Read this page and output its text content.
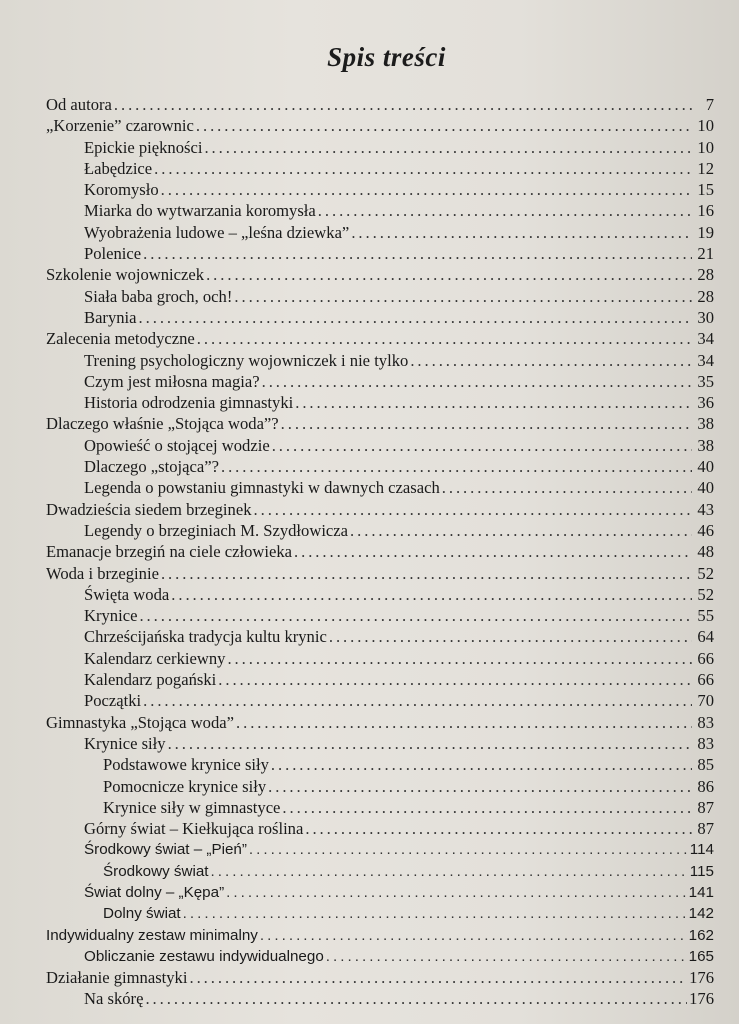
Spis treści
Od autora . . .	7
„Korzenie” czarownic . . .	10
Epickie piękności . . .	10
Łabędzice . . .	12
Koromysło . . .	15
Miarka do wytwarzania koromysła . . .	16
Wyobrażenia ludowe – „leśna dziewka” . . .	19
Polenice . . .	21
Szkolenie wojowniczek . . .	28
Siała baba groch, och! . . .	28
Barynia . . .	30
Zalecenia metodyczne . . .	34
Trening psychologiczny wojowniczek i nie tylko . . .	34
Czym jest miłosna magia? . . .	35
Historia odrodzenia gimnastyki . . .	36
Dlaczego właśnie „Stojąca woda”? . . .	38
Opowieść o stojącej wodzie . . .	38
Dlaczego „stojąca”? . . .	40
Legenda o powstaniu gimnastyki w dawnych czasach . . .	40
Dwadzieścia siedem brzeginek . . .	43
Legendy o brzeginiach M. Szydłowicza . . .	46
Emanacje brzegiń na ciele człowieka . . .	48
Woda i brzeginie . . .	52
Święta woda . . .	52
Krynice . . .	55
Chrześcijańska tradycja kultu krynic . . .	64
Kalendarz cerkiewny . . .	66
Kalendarz pogański . . .	66
Początki . . .	70
Gimnastyka „Stojąca woda” . . .	83
Krynice siły . . .	83
Podstawowe krynice siły . . .	85
Pomocnicze krynice siły . . .	86
Krynice siły w gimnastyce . . .	87
Górny świat – Kiełkująca roślina . . .	87
Środkowy świat – „Pień” . . .	114
Środkowy świat . . .	115
Świat dolny – „Kępa” . . .	141
Dolny świat . . .	142
Indywidualny zestaw minimalny . . .	162
Obliczanie zestawu indywidualnego . . .	165
Działanie gimnastyki . . .	176
Na skórę . . .	176
